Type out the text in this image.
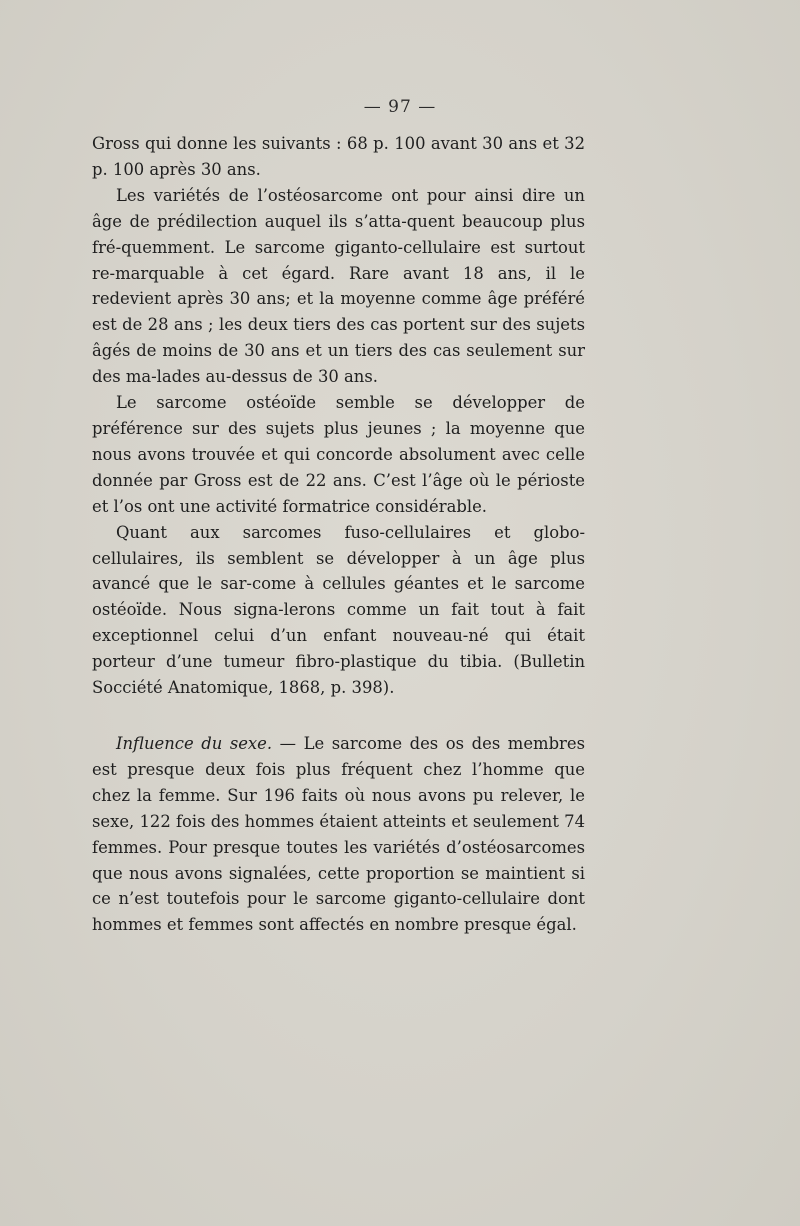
— 97 —

Gross qui donne les suivants : 68 p. 100 avant 30 ans et 32 p. 100 après 30 ans.

Les variétés de l’ostéosarcome ont pour ainsi dire un âge de prédilection auquel ils s’atta-quent beaucoup plus fré-quemment. Le sarcome giganto-cellulaire est surtout re-marquable à cet égard. Rare avant 18 ans, il le redevient après 30 ans; et la moyenne comme âge préféré est de 28 ans ; les deux tiers des cas portent sur des sujets âgés de moins de 30 ans et un tiers des cas seulement sur des ma-lades au-dessus de 30 ans.

Le sarcome ostéoïde semble se développer de préférence sur des sujets plus jeunes ; la moyenne que nous avons trouvée et qui concorde absolument avec celle donnée par Gross est de 22 ans. C’est l’âge où le périoste et l’os ont une activité formatrice considérable.

Quant aux sarcomes fuso-cellulaires et globo-cellulaires, ils semblent se développer à un âge plus avancé que le sar-come à cellules géantes et le sarcome ostéoïde. Nous signa-lerons comme un fait tout à fait exceptionnel celui d’un enfant nouveau-né qui était porteur d’une tumeur fibro-plastique du tibia. (Bulletin Socciété Anatomique, 1868, p. 398).

Influence du sexe. — Le sarcome des os des membres est presque deux fois plus fréquent chez l’homme que chez la femme. Sur 196 faits où nous avons pu relever, le sexe, 122 fois des hommes étaient atteints et seulement 74 femmes. Pour presque toutes les variétés d’ostéosarcomes que nous avons signalées, cette proportion se maintient si ce n’est toutefois pour le sarcome giganto-cellulaire dont hommes et femmes sont affectés en nombre presque égal.
